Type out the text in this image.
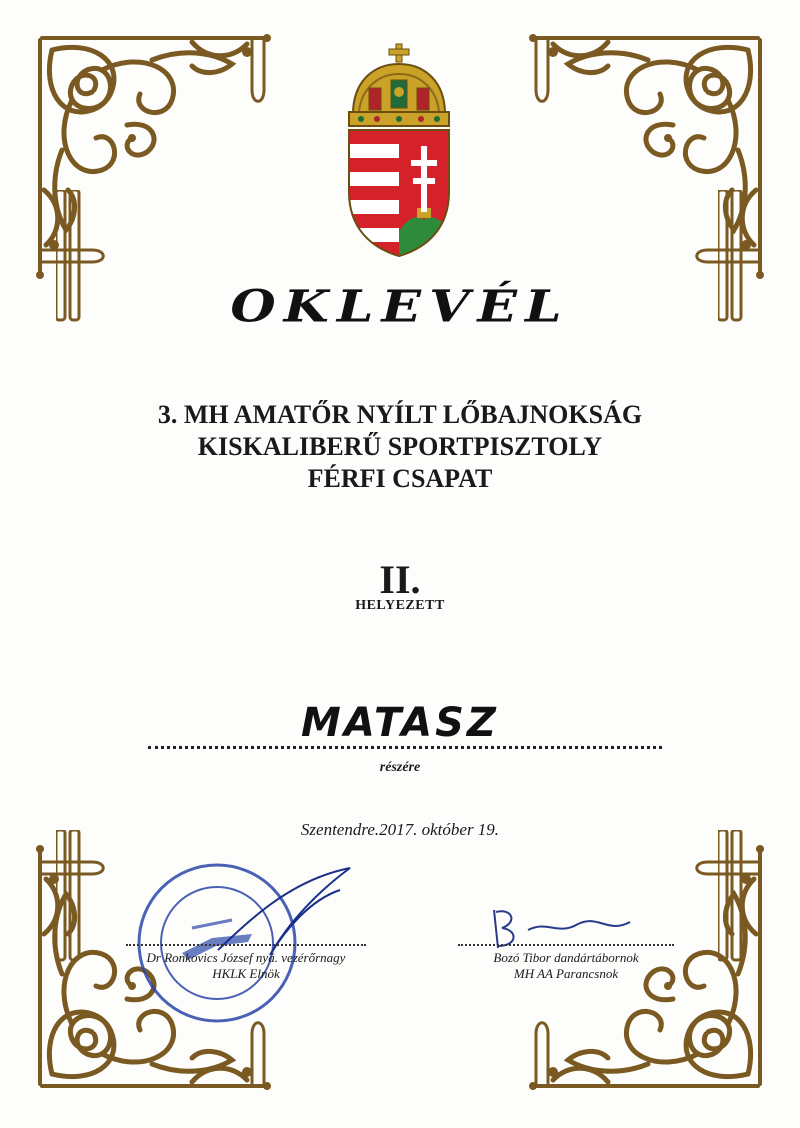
OKLEVÉL
3. MH AMATŐR NYÍLT LŐBAJNOKSÁG
KISKALIBERŰ SPORTPISZTOLY
FÉRFI CSAPAT
II.
HELYEZETT
MATASZ
részére
Szentendre.2017. október 19.
Dr Ronkovics József nyá. vezérőrnagy
HKLK Elnök
Bozó Tibor dandártábornok
MH AA Parancsnok
